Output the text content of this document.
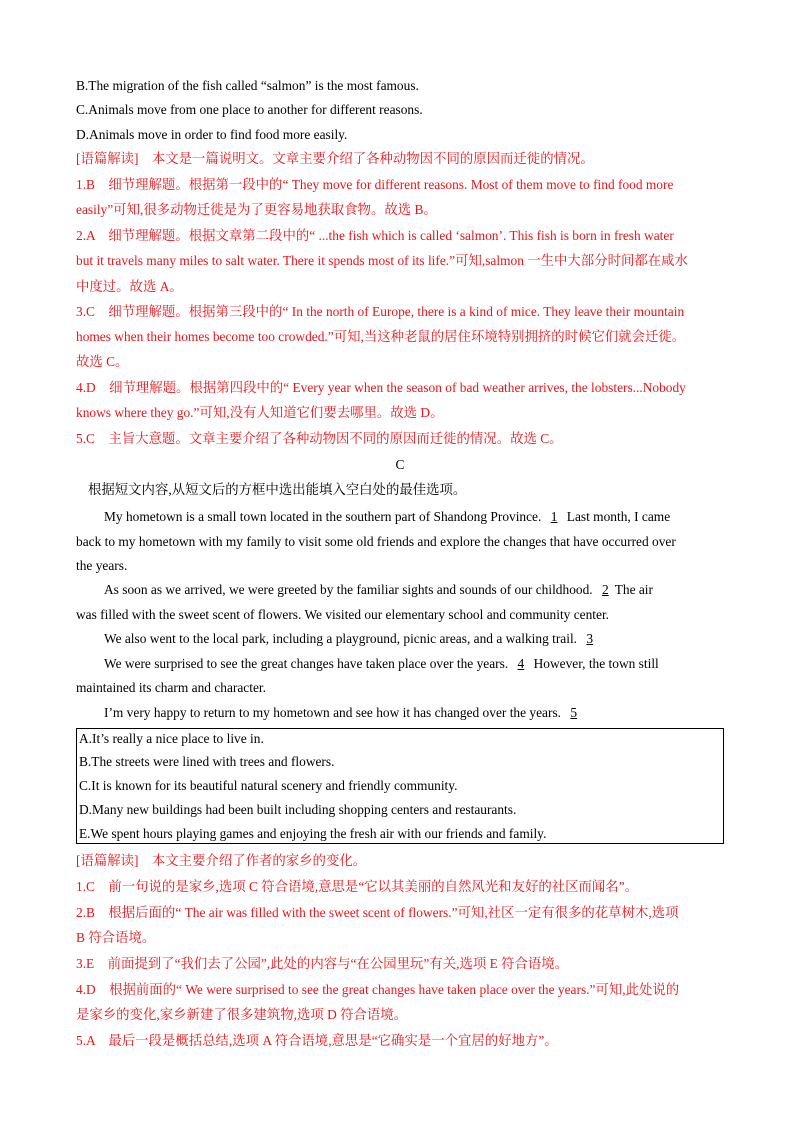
B.The migration of the fish called “salmon” is the most famous.
C.Animals move from one place to another for different reasons.
D.Animals move in order to find food more easily.
[语篇解读]　本文是一篇说明文。文章主要介绍了各种动物因不同的原因而迁徙的情况。
1.B　细节理解题。根据第一段中的“ They move for different reasons. Most of them move to find food more
easily”可知,很多动物迁徙是为了更容易地获取食物。故选 B。
2.A　细节理解题。根据文章第二段中的“ ...the fish which is called ‘salmon’. This fish is born in fresh water
but it travels many miles to salt water. There it spends most of its life.”可知,salmon 一生中大部分时间都在咸水
中度过。故选 A。
3.C　细节理解题。根据第三段中的“ In the north of Europe, there is a kind of mice. They leave their mountain
homes when their homes become too crowded.”可知,当这种老鼠的居住环境特别拥挤的时候它们就会迁徙。
故选 C。
4.D　细节理解题。根据第四段中的“ Every year when the season of bad weather arrives, the lobsters...Nobody
knows where they go.”可知,没有人知道它们要去哪里。故选 D。
5.C　主旨大意题。文章主要介绍了各种动物因不同的原因而迁徙的情况。故选 C。
C
根据短文内容,从短文后的方框中选出能填入空白处的最佳选项。
My hometown is a small town located in the southern part of Shandong Province. 1 Last month, I came
back to my hometown with my family to visit some old friends and explore the changes that have occurred over
the years.
As soon as we arrived, we were greeted by the familiar sights and sounds of our childhood. 2 The air
was filled with the sweet scent of flowers. We visited our elementary school and community center.
We also went to the local park, including a playground, picnic areas, and a walking trail. 3
We were surprised to see the great changes have taken place over the years. 4 However, the town still
maintained its charm and character.
I’m very happy to return to my hometown and see how it has changed over the years. 5
A.It’s really a nice place to live in.
B.The streets were lined with trees and flowers.
C.It is known for its beautiful natural scenery and friendly community.
D.Many new buildings had been built including shopping centers and restaurants.
E.We spent hours playing games and enjoying the fresh air with our friends and family.
[语篇解读]　本文主要介绍了作者的家乡的变化。
1.C　前一句说的是家乡,选项 C 符合语境,意思是“它以其美丽的自然风光和友好的社区而闻名”。
2.B　根据后面的“ The air was filled with the sweet scent of flowers.”可知,社区一定有很多的花草树木,选项
B 符合语境。
3.E　前面提到了“我们去了公园”,此处的内容与“在公园里玩”有关,选项 E 符合语境。
4.D　根据前面的“ We were surprised to see the great changes have taken place over the years.”可知,此处说的
是家乡的变化,家乡新建了很多建筑物,选项 D 符合语境。
5.A　最后一段是概括总结,选项 A 符合语境,意思是“它确实是一个宜居的好地方”。
